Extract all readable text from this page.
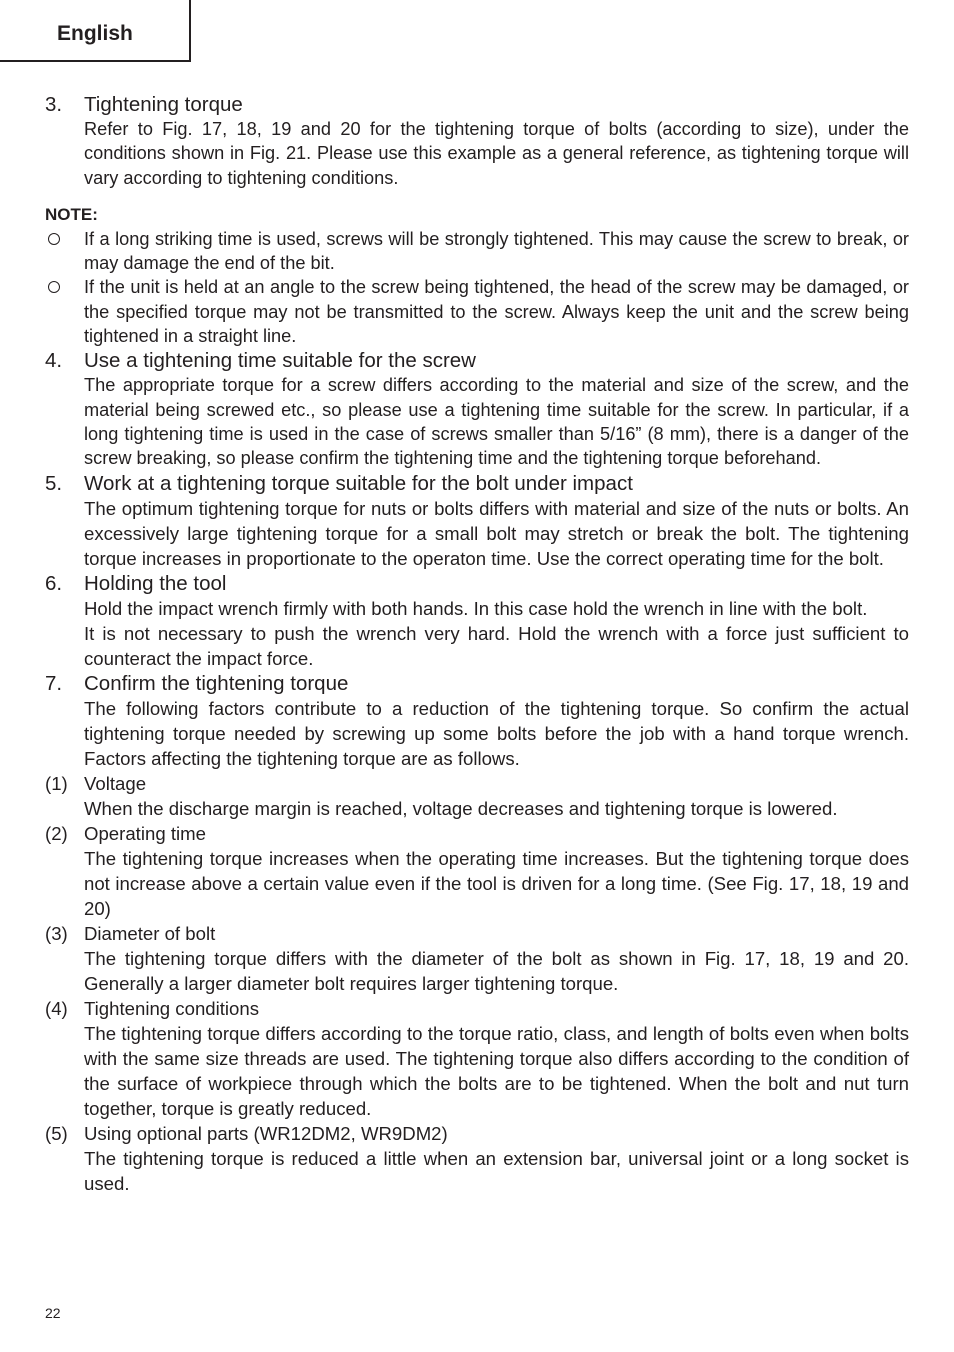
English
3. Tightening torque
Refer to Fig. 17, 18, 19 and 20 for the tightening torque of bolts (according to size), under the conditions shown in Fig. 21. Please use this example as a general reference, as tightening torque will vary according to tightening conditions.
NOTE:
If a long striking time is used, screws will be strongly tightened. This may cause the screw to break, or may damage the end of the bit.
If the unit is held at an angle to the screw being tightened, the head of the screw may be damaged, or the specified torque may not be transmitted to the screw. Always keep the unit and the screw being tightened in a straight line.
4. Use a tightening time suitable for the screw
The appropriate torque for a screw differs according to the material and size of the screw, and the material being screwed etc., so please use a tightening time suitable for the screw. In particular, if a long tightening time is used in the case of screws smaller than 5/16” (8 mm), there is a danger of the screw breaking, so please confirm the tightening time and the tightening torque beforehand.
5. Work at a tightening torque suitable for the bolt under impact
The optimum tightening torque for nuts or bolts differs with material and size of the nuts or bolts. An excessively large tightening torque for a small bolt may stretch or break the bolt. The tightening torque increases in proportionate to the operaton time. Use the correct operating time for the bolt.
6. Holding the tool
Hold the impact wrench firmly with both hands. In this case hold the wrench in line with the bolt.
It is not necessary to push the wrench very hard. Hold the wrench with a force just sufficient to counteract the impact force.
7. Confirm the tightening torque
The following factors contribute to a reduction of the tightening torque. So confirm the actual tightening torque needed by screwing up some bolts before the job with a hand torque wrench. Factors affecting the tightening torque are as follows.
(1) Voltage
When the discharge margin is reached, voltage decreases and tightening torque is lowered.
(2) Operating time
The tightening torque increases when the operating time increases. But the tightening torque does not increase above a certain value even if the tool is driven for a long time. (See Fig. 17, 18, 19 and 20)
(3) Diameter of bolt
The tightening torque differs with the diameter of the bolt as shown in Fig. 17, 18, 19 and 20. Generally a larger diameter bolt requires larger tightening torque.
(4) Tightening conditions
The tightening torque differs according to the torque ratio, class, and length of bolts even when bolts with the same size threads are used. The tightening torque also differs according to the condition of the surface of workpiece through which the bolts are to be tightened. When the bolt and nut turn together, torque is greatly reduced.
(5) Using optional parts (WR12DM2, WR9DM2)
The tightening torque is reduced a little when an extension bar, universal joint or a long socket is used.
22
